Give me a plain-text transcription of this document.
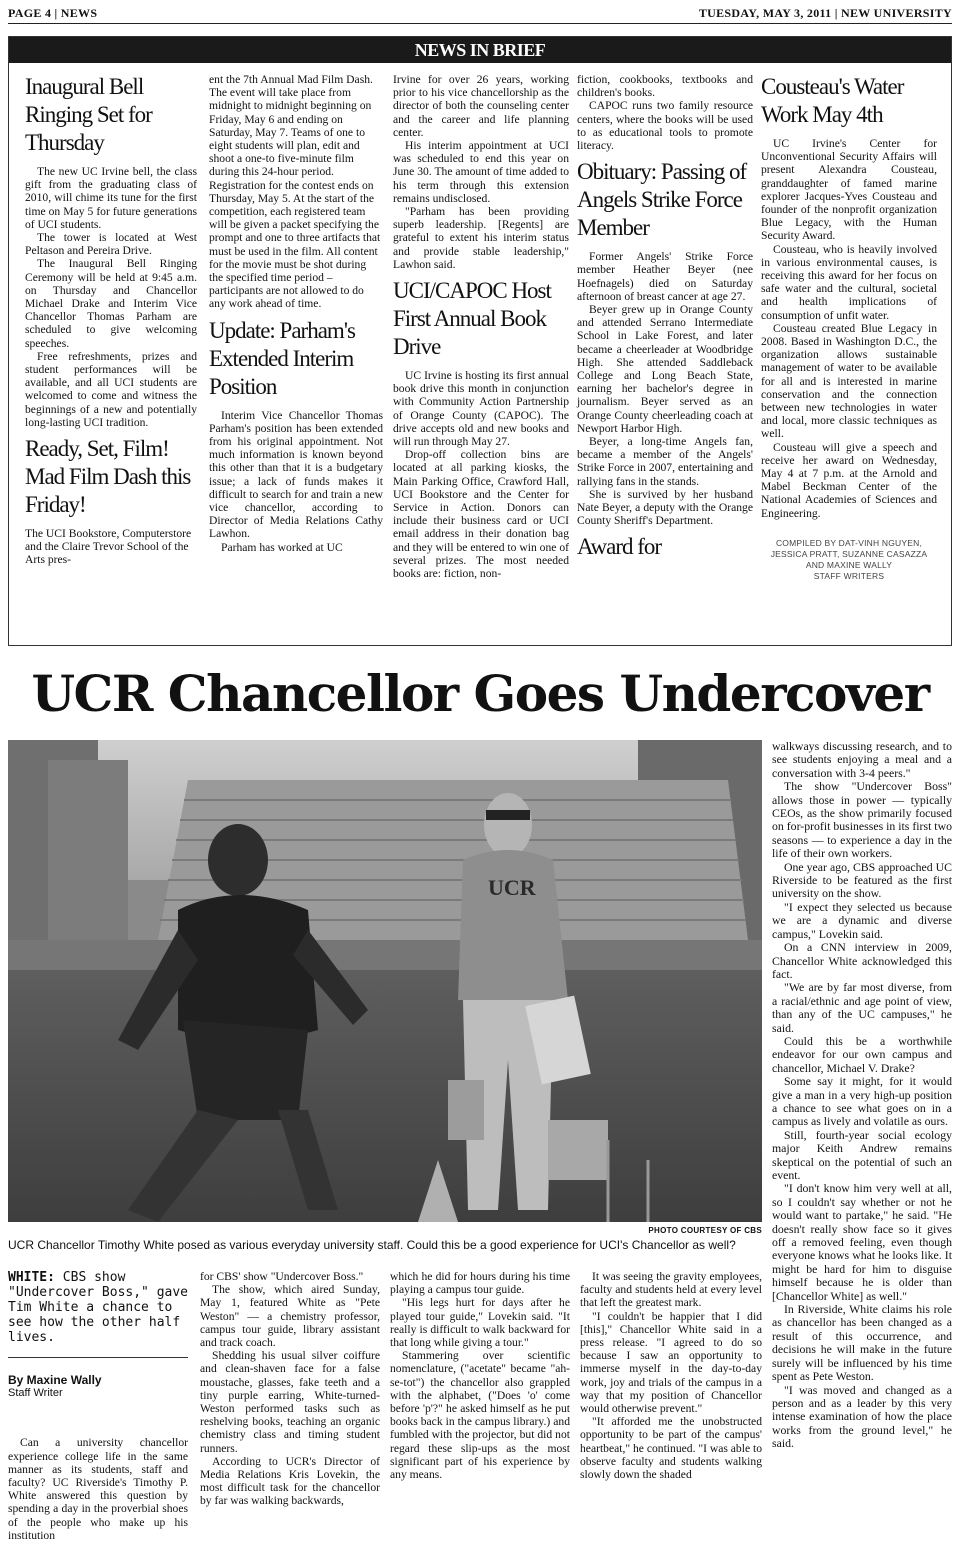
PAGE 4 | NEWS	TUESDAY, MAY 3, 2011 | NEW UNIVERSITY
NEWS IN BRIEF
Inaugural Bell Ringing Set for Thursday

The new UC Irvine bell, the class gift from the graduating class of 2010, will chime its tune for the first time on May 5 for future generations of UCI students.

The tower is located at West Peltason and Pereira Drive.

The Inaugural Bell Ringing Ceremony will be held at 9:45 a.m. on Thursday and Chancellor Michael Drake and Interim Vice Chancellor Thomas Parham are scheduled to give welcoming speeches.

Free refreshments, prizes and student performances will be available, and all UCI students are welcomed to come and witness the beginnings of a new and potentially long-lasting UCI tradition.

Ready, Set, Film! Mad Film Dash this Friday!

The UCI Bookstore, Computerstore and the Claire Trevor School of the Arts pres-

ent the 7th Annual Mad Film Dash. The event will take place from midnight to midnight beginning on Friday, May 6 and ending on Saturday, May 7. Teams of one to eight students will plan, edit and shoot a one-to five-minute film during this 24-hour period. Registration for the contest ends on Thursday, May 5. At the start of the competition, each registered team will be given a packet specifying the prompt and one to three artifacts that must be used in the film. All content for the movie must be shot during the specified time period – participants are not allowed to do any work ahead of time.

Update: Parham's Extended Interim Position

Interim Vice Chancellor Thomas Parham's position has been extended from his original appointment. Not much information is known beyond this other than that it is a budgetary issue; a lack of funds makes it difficult to search for and train a new vice chancellor, according to Director of Media Relations Cathy Lawhon.

Parham has worked at UC

Irvine for over 26 years, working prior to his vice chancellorship as the director of both the counseling center and the career and life planning center.

His interim appointment at UCI was scheduled to end this year on June 30. The amount of time added to his term through this extension remains undisclosed.

"Parham has been providing superb leadership. [Regents] are grateful to extent his interim status and provide stable leadership," Lawhon said.

UCI/CAPOC Host First Annual Book Drive

UC Irvine is hosting its first annual book drive this month in conjunction with Community Action Partnership of Orange County (CAPOC). The drive accepts old and new books and will run through May 27.

Drop-off collection bins are located at all parking kiosks, the Main Parking Office, Crawford Hall, UCI Bookstore and the Center for Service in Action. Donors can include their business card or UCI email address in their donation bag and they will be entered to win one of several prizes. The most needed books are: fiction, non-

fiction, cookbooks, textbooks and children's books.

CAPOC runs two family resource centers, where the books will be used to as educational tools to promote literacy.

Obituary: Passing of Angels Strike Force Member

Former Angels' Strike Force member Heather Beyer (nee Hoefnagels) died on Saturday afternoon of breast cancer at age 27.

Beyer grew up in Orange County and attended Serrano Intermediate School in Lake Forest, and later became a cheerleader at Woodbridge High. She attended Saddleback College and Long Beach State, earning her bachelor's degree in journalism. Beyer served as an Orange County cheerleading coach at Newport Harbor High.

Beyer, a long-time Angels fan, became a member of the Angels' Strike Force in 2007, entertaining and rallying fans in the stands.

She is survived by her husband Nate Beyer, a deputy with the Orange County Sheriff's Department.

Award for
Cousteau's Water Work May 4th

UC Irvine's Center for Unconventional Security Affairs will present Alexandra Cousteau, granddaughter of famed marine explorer Jacques-Yves Cousteau and founder of the nonprofit organization Blue Legacy, with the Human Security Award.

Cousteau, who is heavily involved in various environmental causes, is receiving this award for her focus on safe water and the cultural, societal and health implications of consumption of unfit water.

Cousteau created Blue Legacy in 2008. Based in Washington D.C., the organization allows sustainable management of water to be available for all and is interested in marine conservation and the connection between new technologies in water and local, more classic techniques as well.

Cousteau will give a speech and receive her award on Wednesday, May 4 at 7 p.m. at the Arnold and Mabel Beckman Center of the National Academies of Sciences and Engineering.

COMPILED BY DAT-VINH NGUYEN, JESSICA PRATT, SUZANNE CASAZZA AND MAXINE WALLY
STAFF WRITERS
UCR Chancellor Goes Undercover
UCR
PHOTO COURTESY OF CBS
UCR Chancellor Timothy White posed as various everyday university staff. Could this be a good experience for UCI's Chancellor as well?

walkways discussing research, and to see students enjoying a meal and a conversation with 3-4 peers."

The show "Undercover Boss" allows those in power — typically CEOs, as the show primarily focused on for-profit businesses in its first two seasons — to experience a day in the life of their own workers.

One year ago, CBS approached UC Riverside to be featured as the first university on the show.

"I expect they selected us because we are a dynamic and diverse campus," Lovekin said.

On a CNN interview in 2009, Chancellor White acknowledged this fact.

"We are by far most diverse, from a racial/ethnic and age point of view, than any of the UC campuses," he said.

Could this be a worthwhile endeavor for our own campus and chancellor, Michael V. Drake?

Some say it might, for it would give a man in a very high-up position a chance to see what goes on in a campus as lively and volatile as ours.

Still, fourth-year social ecology major Keith Andrew remains skeptical on the potential of such an event.

"I don't know him very well at all, so I couldn't say whether or not he would want to partake," he said. "He doesn't really show face so it gives off a removed feeling, even though everyone knows what he looks like. It might be hard for him to disguise himself because he is older than [Chancellor White] as well."

In Riverside, White claims his role as chancellor has been changed as a result of this occurrence, and decisions he will make in the future surely will be influenced by his time spent as Pete Weston.

"I was moved and changed as a person and as a leader by this very intense examination of how the place works from the ground level," he said.

WHITE: CBS show "Undercover Boss," gave Tim White a chance to see how the other half lives.
By Maxine Wally
Staff Writer

Can a university chancellor experience college life in the same manner as its students, staff and faculty? UC Riverside's Timothy P. White answered this question by spending a day in the proverbial shoes of the people who make up his institution

for CBS' show "Undercover Boss."

The show, which aired Sunday, May 1, featured White as "Pete Weston" — a chemistry professor, campus tour guide, library assistant and track coach.

Shedding his usual silver coiffure and clean-shaven face for a false moustache, glasses, fake teeth and a tiny purple earring, White-turned-Weston performed tasks such as reshelving books, teaching an organic chemistry class and timing student runners.

According to UCR's Director of Media Relations Kris Lovekin, the most difficult task for the chancellor by far was walking backwards,

which he did for hours during his time playing a campus tour guide.

"His legs hurt for days after he played tour guide," Lovekin said. "It really is difficult to walk backward for that long while giving a tour."

Stammering over scientific nomenclature, ("acetate" became "ah-se-tot") the chancellor also grappled with the alphabet, ("Does 'o' come before 'p'?" he asked himself as he put books back in the campus library.) and fumbled with the projector, but did not regard these slip-ups as the most significant part of his experience by any means.

It was seeing the gravity employees, faculty and students held at every level that left the greatest mark.

"I couldn't be happier that I did [this]," Chancellor White said in a press release. "I agreed to do so because I saw an opportunity to immerse myself in the day-to-day work, joy and trials of the campus in a way that my position of Chancellor would otherwise prevent."

"It afforded me the unobstructed opportunity to be part of the campus' heartbeat," he continued. "I was able to observe faculty and students walking slowly down the shaded
